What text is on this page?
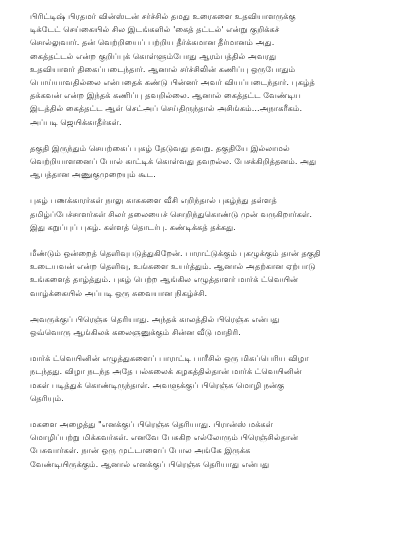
பிரிட்டிஷ் பிரதமர் வின்ஸ்டன் சர்ச்சில் தமது உரைகளை உதவியாளருக்கு
டிக்டேட் செய்கையில் சில இடங்களில் 'கைத் தட்டல்' என்று குறிக்கச்
சொல்லுவார். தன் வெற்றியைப் பற்றிய தீர்க்கமான தீர்மானம் அது.
கைத்தட்டல் என்ற குறிப்புக் கொள்ளும்போது ஆரம்பத்தில் அவரது
உதவியாளர் திகைப்படைந்தார். ஆனால் சர்ச்சிலின் கணிப்பு ஒருபோதும்
பொய்யாவதில்லை என்பதைக் கண்டு பின்னர் அவர் வியப்படைந்தார். புகழ்த்
தக்கவன் என்ற இந்தக் கணிப்பு தவறில்லை. ஆனால் கைத்தட்ட வேண்டிய
இடத்தில் கைத்தட்ட ஆள் செட்அப் செய்திருந்தால் அசிங்கம்...அநாகரீகம்.
அப்படி ஜெயிக்காதீர்கள்.
தகுதி இருந்தும் செயற்கைப் புகழ் தேடுவது தவறு. தகுதியே இல்லாமல்
வெற்றியாளனைப் போல் காட்டிக் கொள்வது தவறல்ல. பேசக்கிறித்தனம். அது
ஆபத்தான அணுகுமுறையும் கூட.
புகழ் பணக்காரர்கள் நாலு காசுகளை வீசி எறிந்தால் புகழ்ந்து தள்ளத்
தமிழ்ப்பேச்சாளர்கள் சிலர் தலையைச் சொறிந்துகொண்டு முன் வருகிறார்கள்.
இது கறுப்புப் புகழ். கள்ளத் தொடர்பு. கண்டிக்கத் தக்கது.
மீண்டும் ஒன்றைத் தெளிவுபடுத்துகிறேன். பாராட்டுக்கும் புகழுக்கும் தான் தகுதி
உடையவன் என்ற தெளிவு, உங்களை உயர்த்தும். ஆனால் அதற்கான ஏற்பாடு
உங்களைத் தாழ்த்தும். புகழ் பெற்ற ஆங்கில எழுத்தாளர் மார்க் ட்வெயின்
வாழ்க்கையில் அப்படி ஒரு சுவையான நிகழ்ச்சி.
அவருக்குப் பிரெஞ்சு தெரியாது. அந்தக் காலத்தில் பிரெஞ்சு என்பது
ஒவ்வொரு ஆங்கிலக் கலைஞனுக்கும் சின்ன வீடு மாதிரி.
மார்க் ட்வெயினின் எழுத்துகளைப் பாராட்டி பாரீசில் ஒரு மிகப்பெரிய விழா
நடந்தது. விழா நடந்த அதே பல்கலைக் கழகத்தில்தான் மார்க் ட்வெயினின்
மகள் படித்துக் கொண்டிருந்தாள். அவளுக்குப் பிரெஞ்சு மொழி நன்கு
தெரியும்.
மகளை அழைத்து "எனக்குப் பிரெஞ்சு தெரியாது. பிரான்ஸ் மக்கள்
மொழிப்பற்று மிக்கவர்கள். எனவே பேசுகிற எல்லோரும் பிரெஞ்சில்தான்
பேசுவார்கள். நான் ஒரு முட்டாளைப் போல அங்கே இருக்க
வேண்டியிருக்கும். ஆனால் எனக்குப் பிரெஞ்சு தெரியாது என்பது
